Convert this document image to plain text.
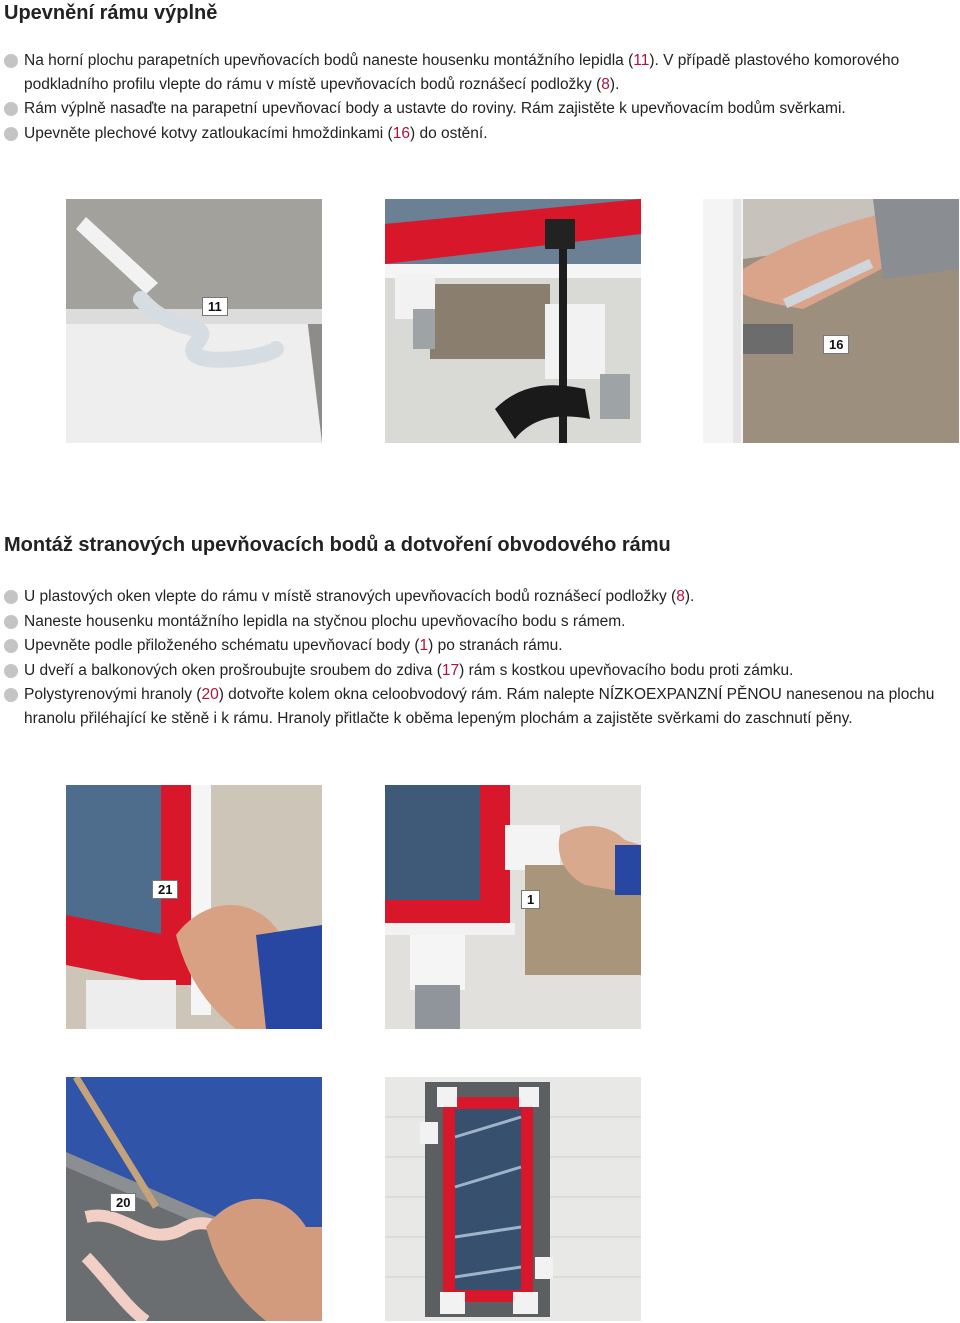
Upevnění rámu výplně
Na horní plochu parapetních upevňovacích bodů naneste housenku montážního lepidla (11). V případě plastového komorového podkladního profilu vlepte do rámu v místě upevňovacích bodů roznášecí podložky (8).
Rám výplně nasaďte na parapetní upevňovací body a ustavte do roviny. Rám zajistěte k upevňovacím bodům svěrkami.
Upevněte plechové kotvy zatloukacími hmoždinkami (16) do ostění.
11
16
Montáž stranových upevňovacích bodů a dotvoření obvodového rámu
U plastových oken vlepte do rámu v místě stranových upevňovacích bodů roznášecí podložky (8).
Naneste housenku montážního lepidla na styčnou plochu upevňovacího bodu s rámem.
Upevněte podle přiloženého schématu upevňovací body (1) po stranách rámu.
U dveří a balkonových oken prošroubujte sroubem do zdiva (17) rám s kostkou upevňovacího bodu proti zámku.
Polystyrenovými hranoly (20) dotvořte kolem okna celoobvodový rám. Rám nalepte NÍZKOEXPANZNÍ PĚNOU nanesenou na plochu hranolu přiléhající ke stěně i k rámu. Hranoly přitlačte k oběma lepeným plochám a zajistěte svěrkami do zaschnutí pěny.
21
1
20
